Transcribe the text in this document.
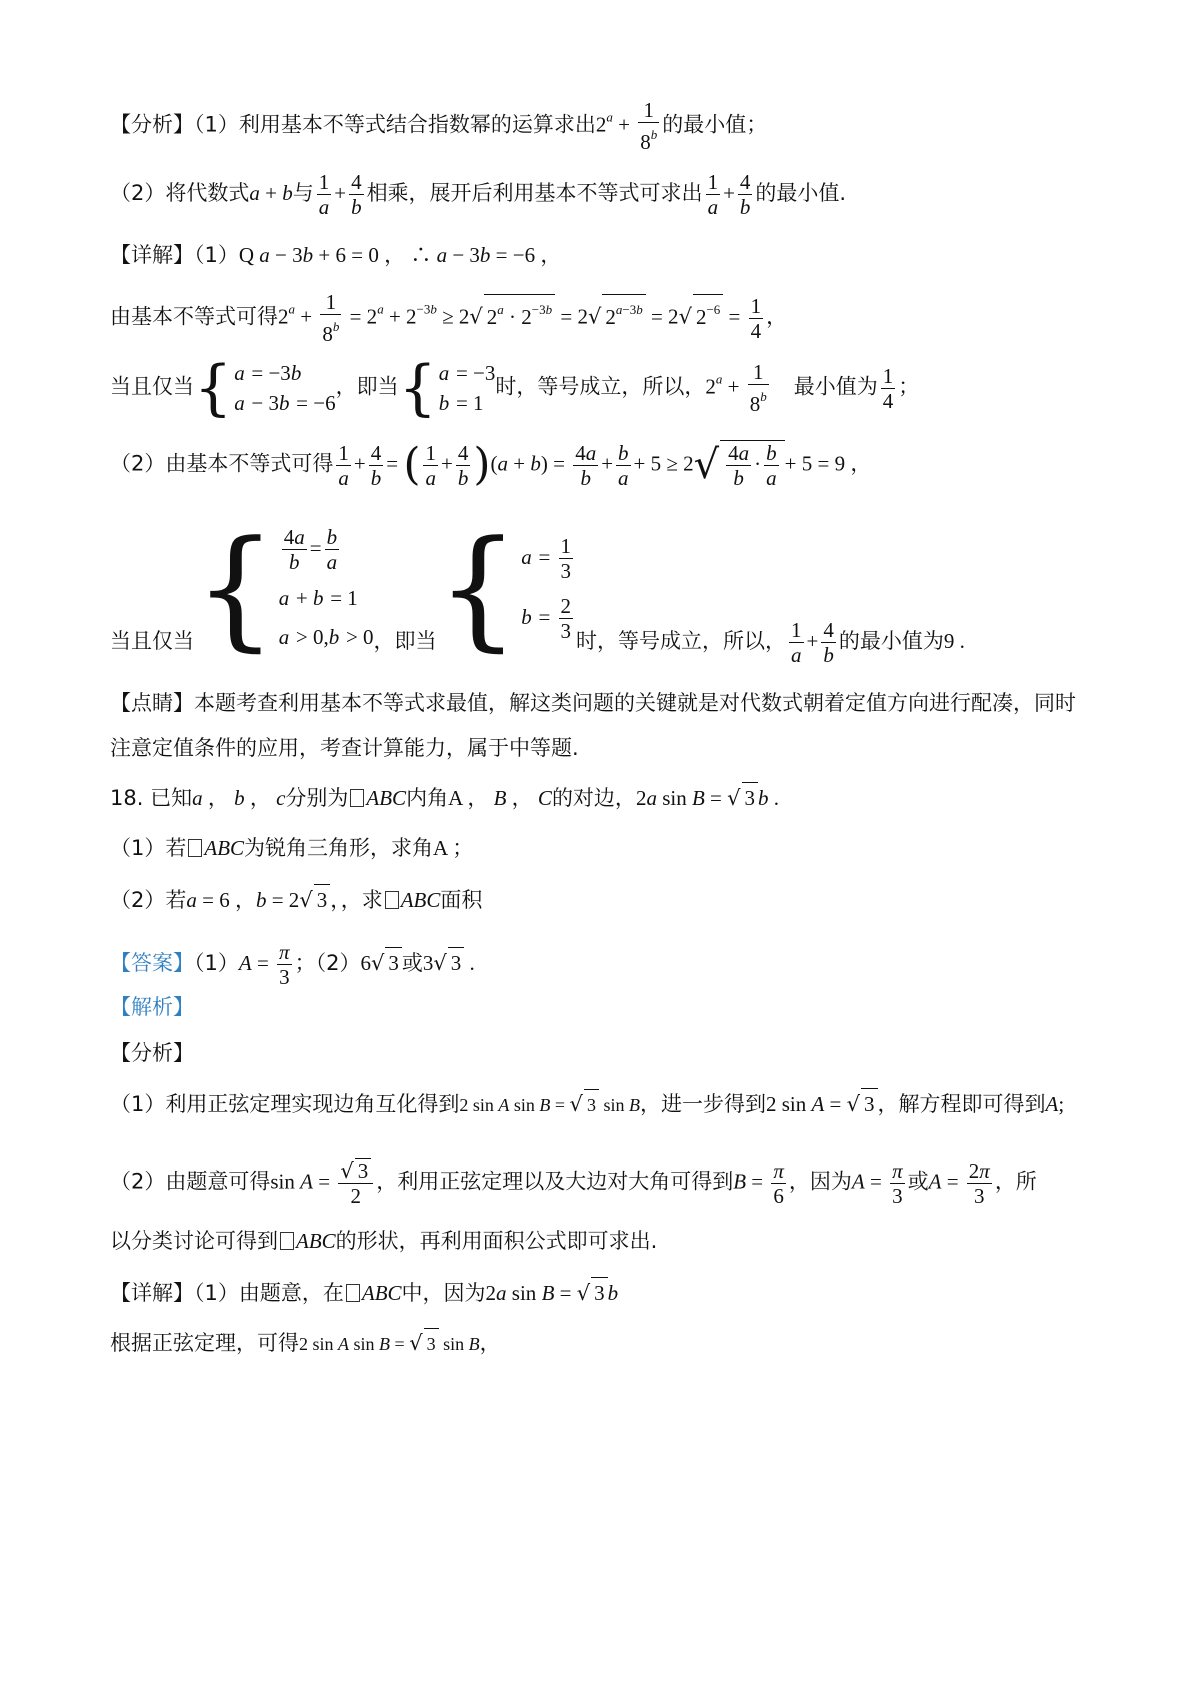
【分析】（1）利用基本不等式结合指数幂的运算求出$2^a + \frac{1}{8^b}$ 的最小值；
（2）将代数式a + b与 $\frac{1}{a} + \frac{4}{b}$ 相乘，展开后利用基本不等式可求出 $\frac{1}{a} + \frac{4}{b}$ 的最小值.
【详解】（1）Q a − 3b + 6 = 0 ， ∴ a − 3b = −6 ，
由基本不等式可得$2^a + \frac{1}{8^b} = 2^a + 2^{-3b} \ge 2√$ $2^a \cdot 2^{-3b} = 2√$ $2^{a-3b} = 2√$ $2^{-6} = \frac{1}{4}$ ，
当且仅当 { a = −3b
a − 3b = −6
，即当 { a = −3
b = 1
时，等号成立，所以，$2^a + \frac{1}{8^b}$ 最小值为 $\frac{1}{4}$ ；
（2）由基本不等式可得 $\frac{1}{a} + \frac{4}{b}$ = ( $\frac{1}{a} + \frac{4}{b} )(a + b) = \frac{4a}{b} + \frac{b}{a} + 5 \ge 2√ \frac{4a}{b} \cdot \frac{b}{a} + 5 = 9$ ，
当且仅当 { $\frac{4a}{b} = \frac{b}{a}$
a + b = 1
a > 0,b > 0 ，即当 { $a = \frac{1}{3}$
$b = \frac{2}{3}$ 时，等号成立，所以， $\frac{1}{a} + \frac{4}{b}$ 的最小值为9 .
【点睛】本题考查利用基本不等式求最值，解这类问题的关键就是对代数式朝着定值方向进行配凑，同时
注意定值条件的应用，考查计算能力，属于中等题.
18. 已知a ， b ， c分别为 ABC内角A ， B ， C的对边，2a sin B = √ 3 b .
（1）若 ABC为锐角三角形，求角A ；
（2）若a = 6 ，b = 2√ 3 ，，求 ABC面积
【答案】$(1)A = \frac{\pi}{3}$ ；（2）6√ 3 或3√ 3 .
【解析】
【分析】
（1）利用正弦定理实现边角互化得到2 sin A sin B = √ 3 sin B，进一步得到2 sin A = √ 3 ，解方程即可得到A;
（2）由题意可得$\sin A = \frac{√ 3}{2}$ ，利用正弦定理以及大边对大角可得到$B = \frac{\pi}{6}$ ，因为$A = \frac{\pi}{3}$ 或$A = \frac{2\pi}{3}$ ，所
以分类讨论可得到 ABC的形状，再利用面积公式即可求出.
【详解】（1）由题意，在 ABC中，因为2a sin B = √ 3 b
根据正弦定理，可得2 sin A sin B = √ 3 sin B，
